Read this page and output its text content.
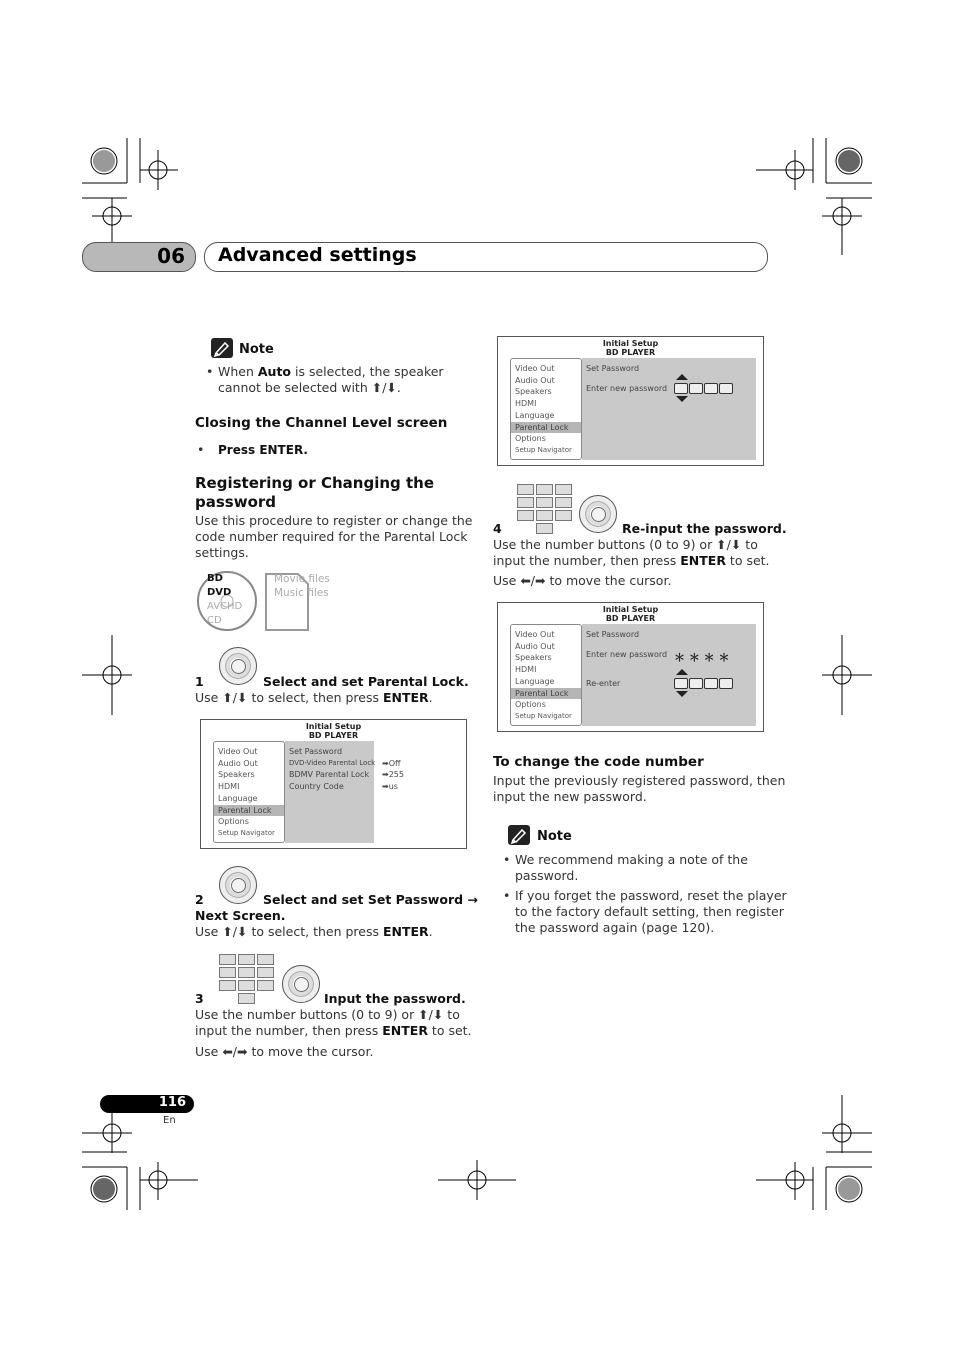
06 Advanced settings
Note
• When Auto is selected, the speaker
cannot be selected with ⬆/⬇.
Closing the Channel Level screen
• Press ENTER.
Registering or Changing the
password
Use this procedure to register or change the
code number required for the Parental Lock
settings.
BD
DVD
AVCHD
CD
Movie files
Music files
1	Select and set Parental Lock.
Use ⬆/⬇ to select, then press ENTER.
Initial Setup
BD PLAYER
Set Password
DVD-Video Parental Lock
BDMV Parental Lock
Country Code
➡Off
➡255
➡us
Video Out
Audio Out
Speakers
HDMI
Language
Parental Lock
Options
Setup Navigator
2	Select and set Set Password →
Next Screen.
Use ⬆/⬇ to select, then press ENTER.
3	Input the password.
Use the number buttons (0 to 9) or ⬆/⬇ to
input the number, then press ENTER to set.
Use ⬅/➡ to move the cursor.
Initial Setup
BD PLAYER
Set Password
Enter new password
Video Out
Audio Out
Speakers
HDMI
Language
Parental Lock
Options
Setup Navigator
4	Re-input the password.
Use the number buttons (0 to 9) or ⬆/⬇ to
input the number, then press ENTER to set.
Use ⬅/➡ to move the cursor.
Initial Setup
BD PLAYER
Set Password
Enter new password ＊ ＊ ＊ ＊
Re-enter
Video Out
Audio Out
Speakers
HDMI
Language
Parental Lock
Options
Setup Navigator
To change the code number
Input the previously registered password, then
input the new password.
Note
• We recommend making a note of the
password.
• If you forget the password, reset the player
to the factory default setting, then register
the password again (page 120).
116
En
